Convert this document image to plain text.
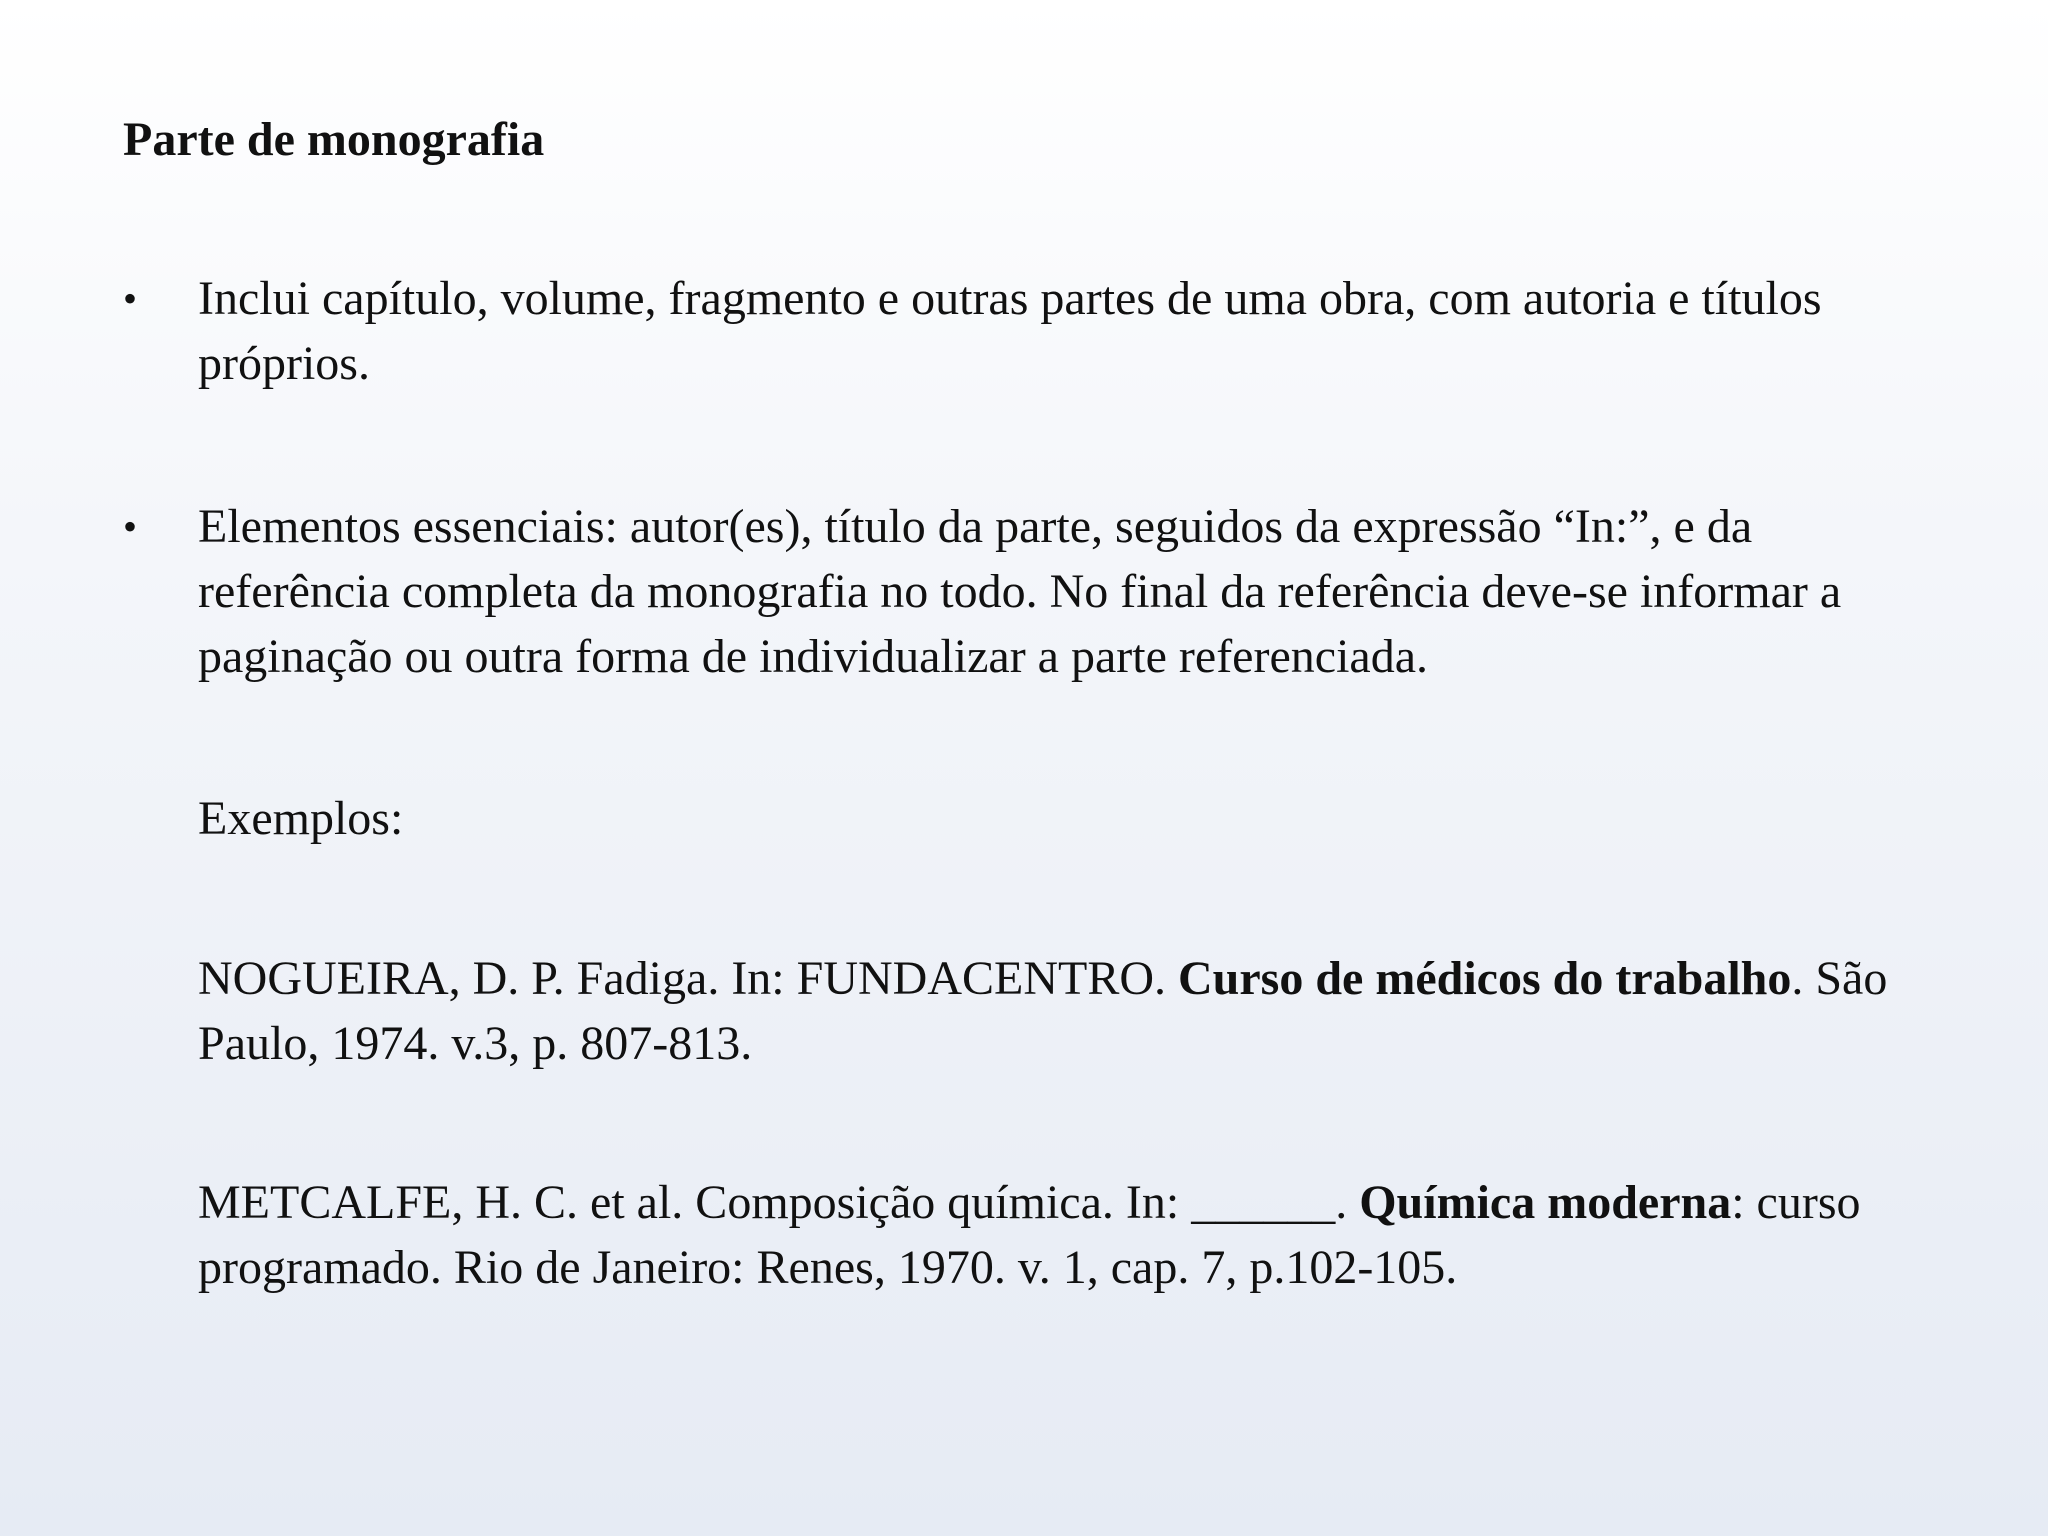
Parte de monografia
• Inclui capítulo, volume, fragmento e outras partes de uma obra, com autoria e títulos próprios.

• Elementos essenciais: autor(es), título da parte, seguidos da expressão “In:”, e da referência completa da monografia no todo. No final da referência deve-se informar a paginação ou outra forma de individualizar a parte referenciada.

Exemplos:

NOGUEIRA, D. P. Fadiga. In: FUNDACENTRO. Curso de médicos do trabalho. São Paulo, 1974. v.3, p. 807-813.

METCALFE, H. C. et al. Composição química. In: ______. Química moderna: curso programado. Rio de Janeiro: Renes, 1970. v. 1, cap. 7, p.102-105.
